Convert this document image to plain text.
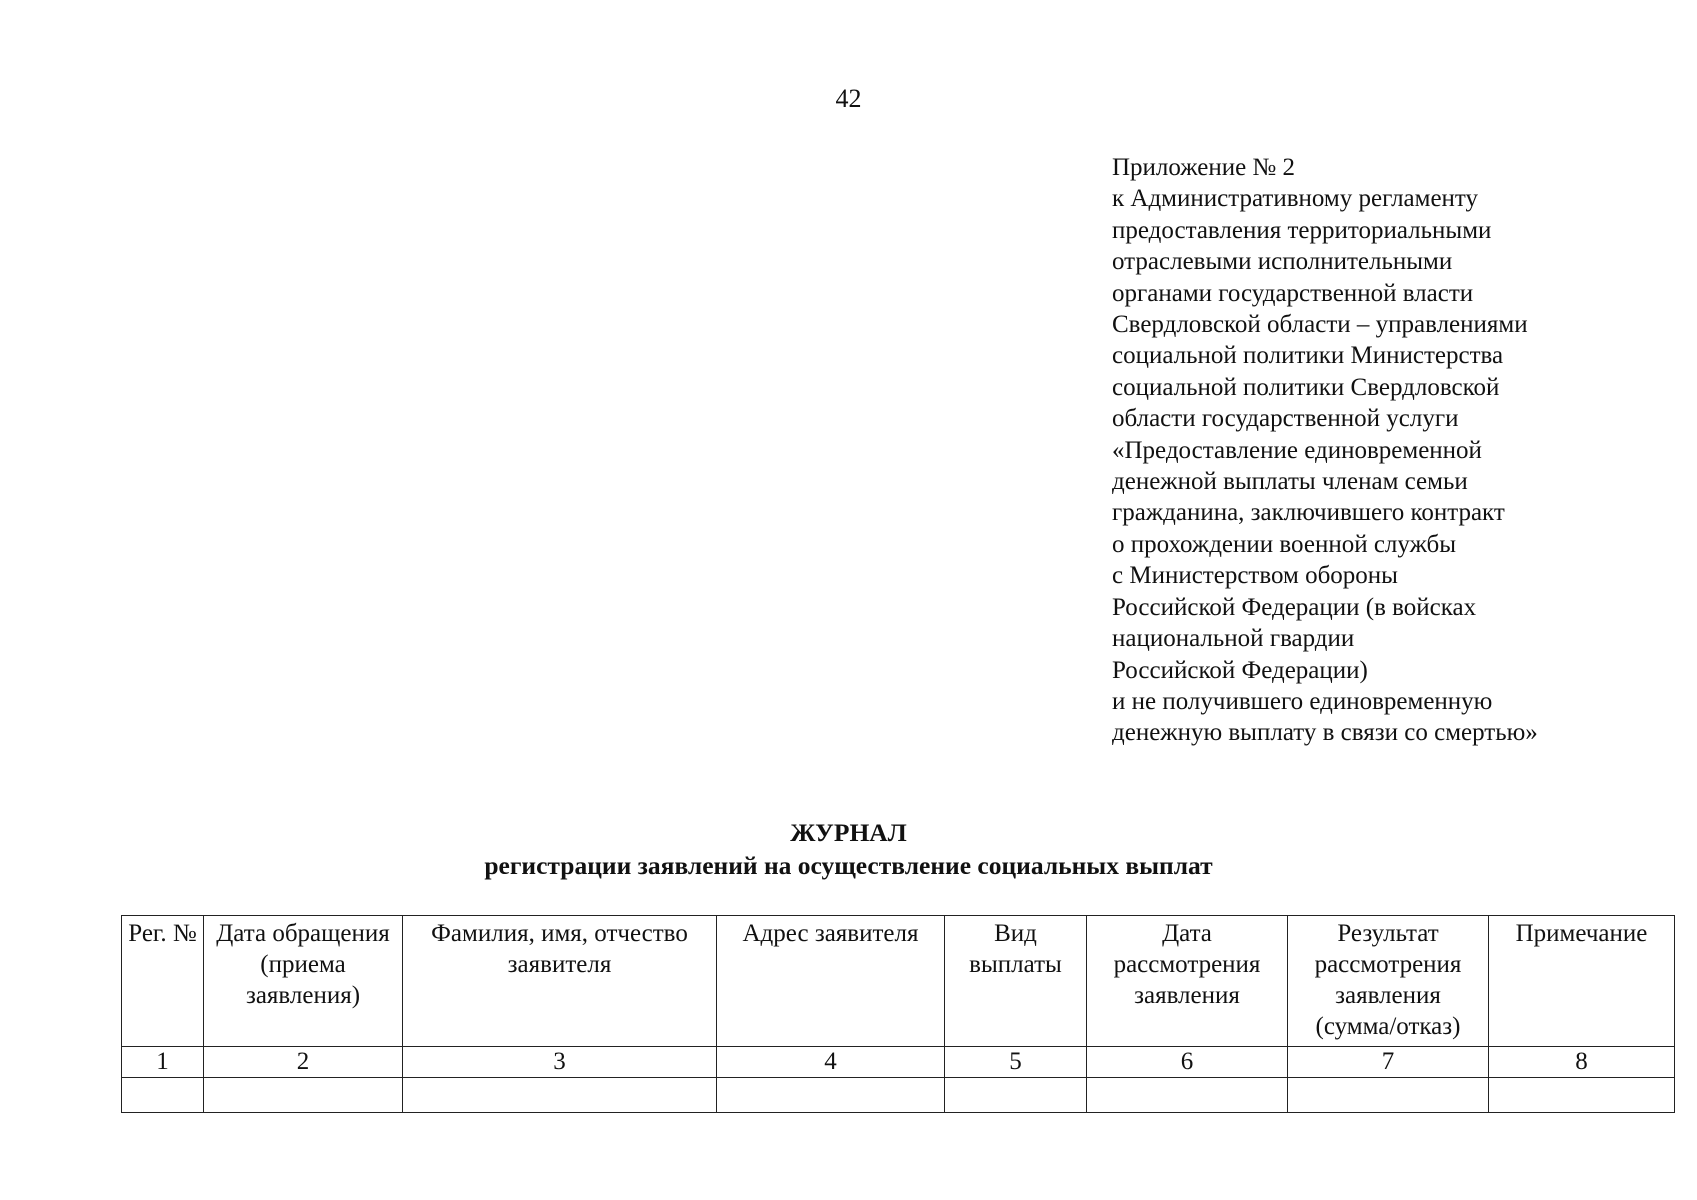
42
Приложение № 2
к Административному регламенту
предоставления территориальными
отраслевыми исполнительными
органами государственной власти
Свердловской области – управлениями
социальной политики Министерства
социальной политики Свердловской
области государственной услуги
«Предоставление единовременной
денежной выплаты членам семьи
гражданина, заключившего контракт
о прохождении военной службы
с Министерством обороны
Российской Федерации (в войсках
национальной гвардии
Российской Федерации)
и не получившего единовременную
денежную выплату в связи со смертью»
ЖУРНАЛ
регистрации заявлений на осуществление социальных выплат
Рег. №	Дата обращения (приема заявления)	Фамилия, имя, отчество заявителя	Адрес заявителя	Вид выплаты	Дата рассмотрения заявления	Результат рассмотрения заявления (сумма/отказ)	Примечание
1	2	3	4	5	6	7	8
